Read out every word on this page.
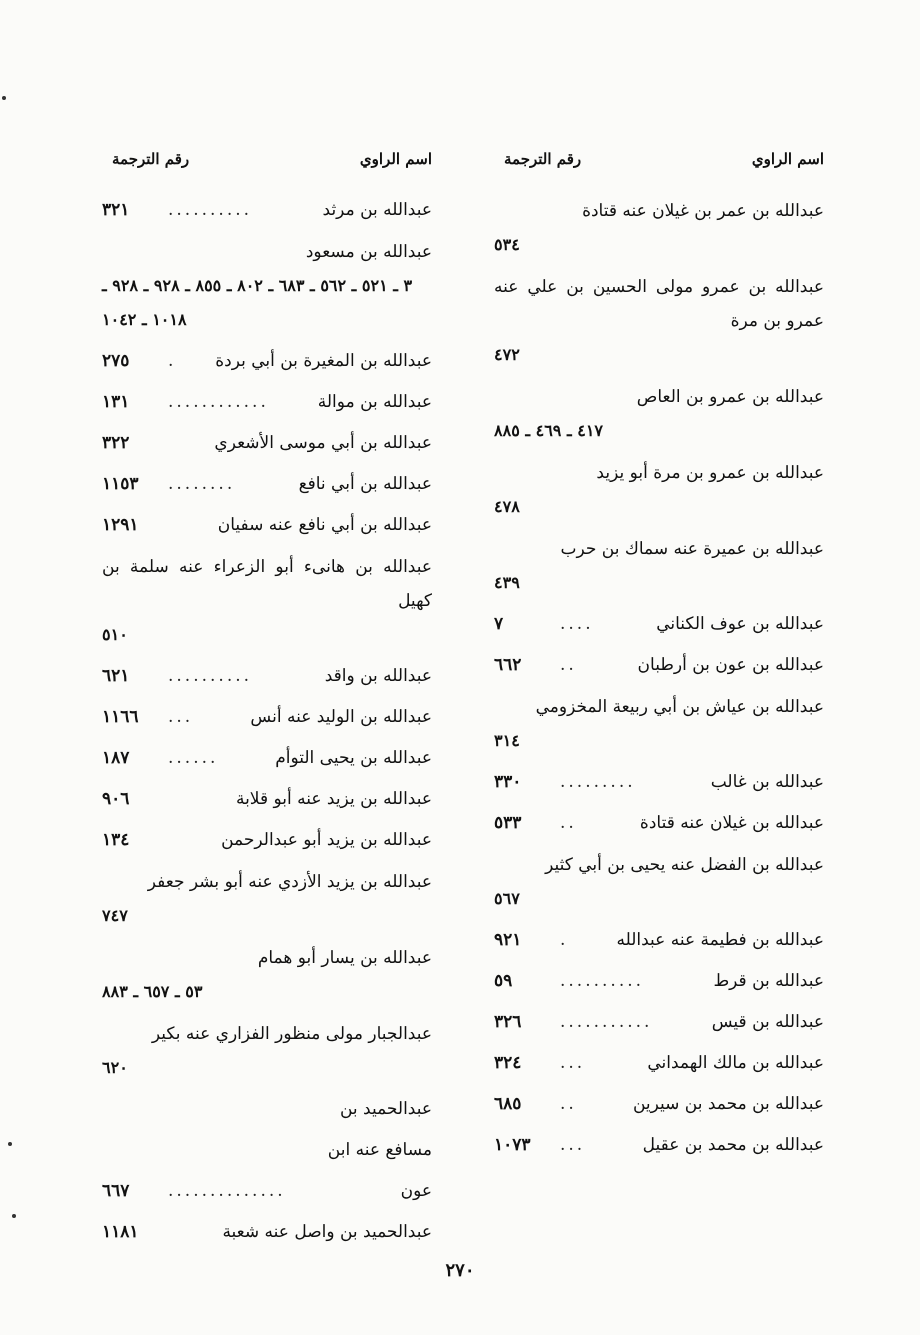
اسم الراوي
رقم الترجمة
عبدالله بن عمر بن غيلان عنه قتادة
٥٣٤
عبدالله بن عمرو مولى الحسين بن علي عنه عمرو بن مرة
٤٧٢
عبدالله بن عمرو بن العاص
٤١٧ ـ ٤٦٩ ـ ٨٨٥
عبدالله بن عمرو بن مرة أبو يزيد
٤٧٨
عبدالله بن عميرة عنه سماك بن حرب
٤٣٩
عبدالله بن عوف الكناني
....
٧
عبدالله بن عون بن أرطبان
..
٦٦٢
عبدالله بن عياش بن أبي ربيعة المخزومي
٣١٤
عبدالله بن غالب
.........
٣٣٠
عبدالله بن غيلان عنه قتادة
..
٥٣٣
عبدالله بن الفضل عنه يحيى بن أبي كثير
٥٦٧
عبدالله بن فطيمة عنه عبدالله
.
٩٢١
عبدالله بن قرط
..........
٥٩
عبدالله بن قيس
...........
٣٢٦
عبدالله بن مالك الهمداني
...
٣٢٤
عبدالله بن محمد بن سيرين
..
٦٨٥
عبدالله بن محمد بن عقيل
...
١٠٧٣
اسم الراوي
رقم الترجمة
عبدالله بن مرثد
..........
٣٢١
عبدالله بن مسعود
٣ ـ ٥٢١ ـ ٥٦٢ ـ ٦٨٣ ـ ٨٠٢ ـ ٨٥٥ ـ ٩٢٨ ـ ٩٢٨ ـ ١٠١٨ ـ ١٠٤٢
عبدالله بن المغيرة بن أبي بردة
.
٢٧٥
عبدالله بن موالة
............
١٣١
عبدالله بن أبي موسى الأشعري
٣٢٢
عبدالله بن أبي نافع
........
١١٥٣
عبدالله بن أبي نافع عنه سفيان
١٢٩١
عبدالله بن هانىء أبو الزعراء عنه سلمة بن كهيل
٥١٠
عبدالله بن واقد
..........
٦٢١
عبدالله بن الوليد عنه أنس
...
١١٦٦
عبدالله بن يحيى التوأم
......
١٨٧
عبدالله بن يزيد عنه أبو قلابة
٩٠٦
عبدالله بن يزيد أبو عبدالرحمن
١٣٤
عبدالله بن يزيد الأزدي عنه أبو بشر جعفر
٧٤٧
عبدالله بن يسار أبو همام
٥٣ ـ ٦٥٧ ـ ٨٨٣
عبدالجبار مولى منظور الفزاري عنه بكير
٦٢٠
عبدالحميد بن مسافع عنه ابن عون
..............
٦٦٧
عبدالحميد بن واصل عنه شعبة
١١٨١
٢٧٠
